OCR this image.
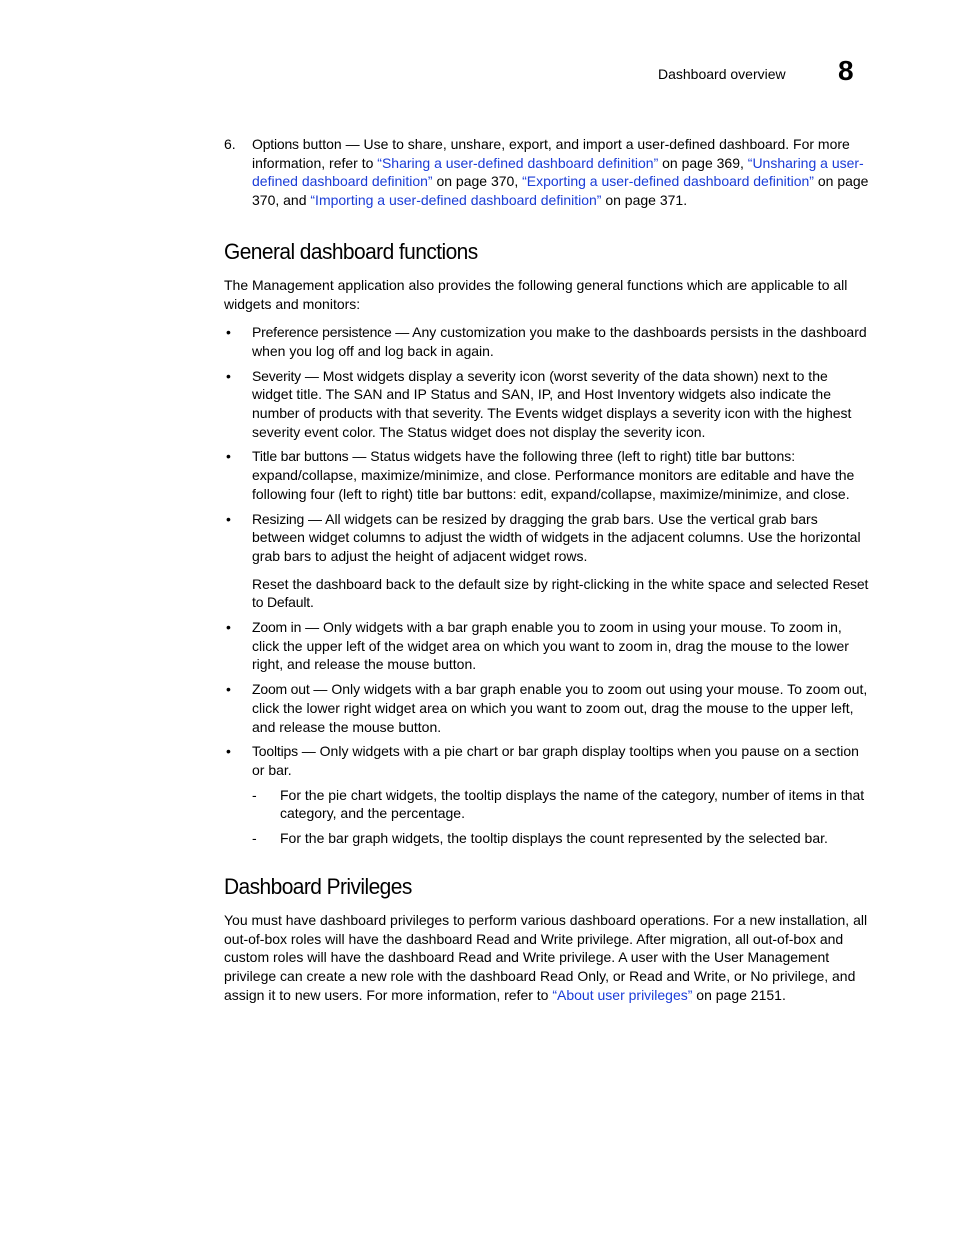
Dashboard overview 8

6. Options button — Use to share, unshare, export, and import a user-defined dashboard. For more information, refer to “Sharing a user-defined dashboard definition” on page 369, “Unsharing a user-defined dashboard definition” on page 370, “Exporting a user-defined dashboard definition” on page 370, and “Importing a user-defined dashboard definition” on page 371.

General dashboard functions

The Management application also provides the following general functions which are applicable to all widgets and monitors:

• Preference persistence — Any customization you make to the dashboards persists in the dashboard when you log off and log back in again.
• Severity — Most widgets display a severity icon (worst severity of the data shown) next to the widget title. The SAN and IP Status and SAN, IP, and Host Inventory widgets also indicate the number of products with that severity. The Events widget displays a severity icon with the highest severity event color. The Status widget does not display the severity icon.
• Title bar buttons — Status widgets have the following three (left to right) title bar buttons: expand/collapse, maximize/minimize, and close. Performance monitors are editable and have the following four (left to right) title bar buttons: edit, expand/collapse, maximize/minimize, and close.
• Resizing — All widgets can be resized by dragging the grab bars. Use the vertical grab bars between widget columns to adjust the width of widgets in the adjacent columns. Use the horizontal grab bars to adjust the height of adjacent widget rows.

Reset the dashboard back to the default size by right-clicking in the white space and selected Reset to Default.

• Zoom in — Only widgets with a bar graph enable you to zoom in using your mouse. To zoom in, click the upper left of the widget area on which you want to zoom in, drag the mouse to the lower right, and release the mouse button.
• Zoom out — Only widgets with a bar graph enable you to zoom out using your mouse. To zoom out, click the lower right widget area on which you want to zoom out, drag the mouse to the upper left, and release the mouse button.
• Tooltips — Only widgets with a pie chart or bar graph display tooltips when you pause on a section or bar.
- For the pie chart widgets, the tooltip displays the name of the category, number of items in that category, and the percentage.
- For the bar graph widgets, the tooltip displays the count represented by the selected bar.
Dashboard Privileges

You must have dashboard privileges to perform various dashboard operations. For a new installation, all out-of-box roles will have the dashboard Read and Write privilege. After migration, all out-of-box and custom roles will have the dashboard Read and Write privilege. A user with the User Management privilege can create a new role with the dashboard Read Only, or Read and Write, or No privilege, and assign it to new users. For more information, refer to “About user privileges” on page 2151.
